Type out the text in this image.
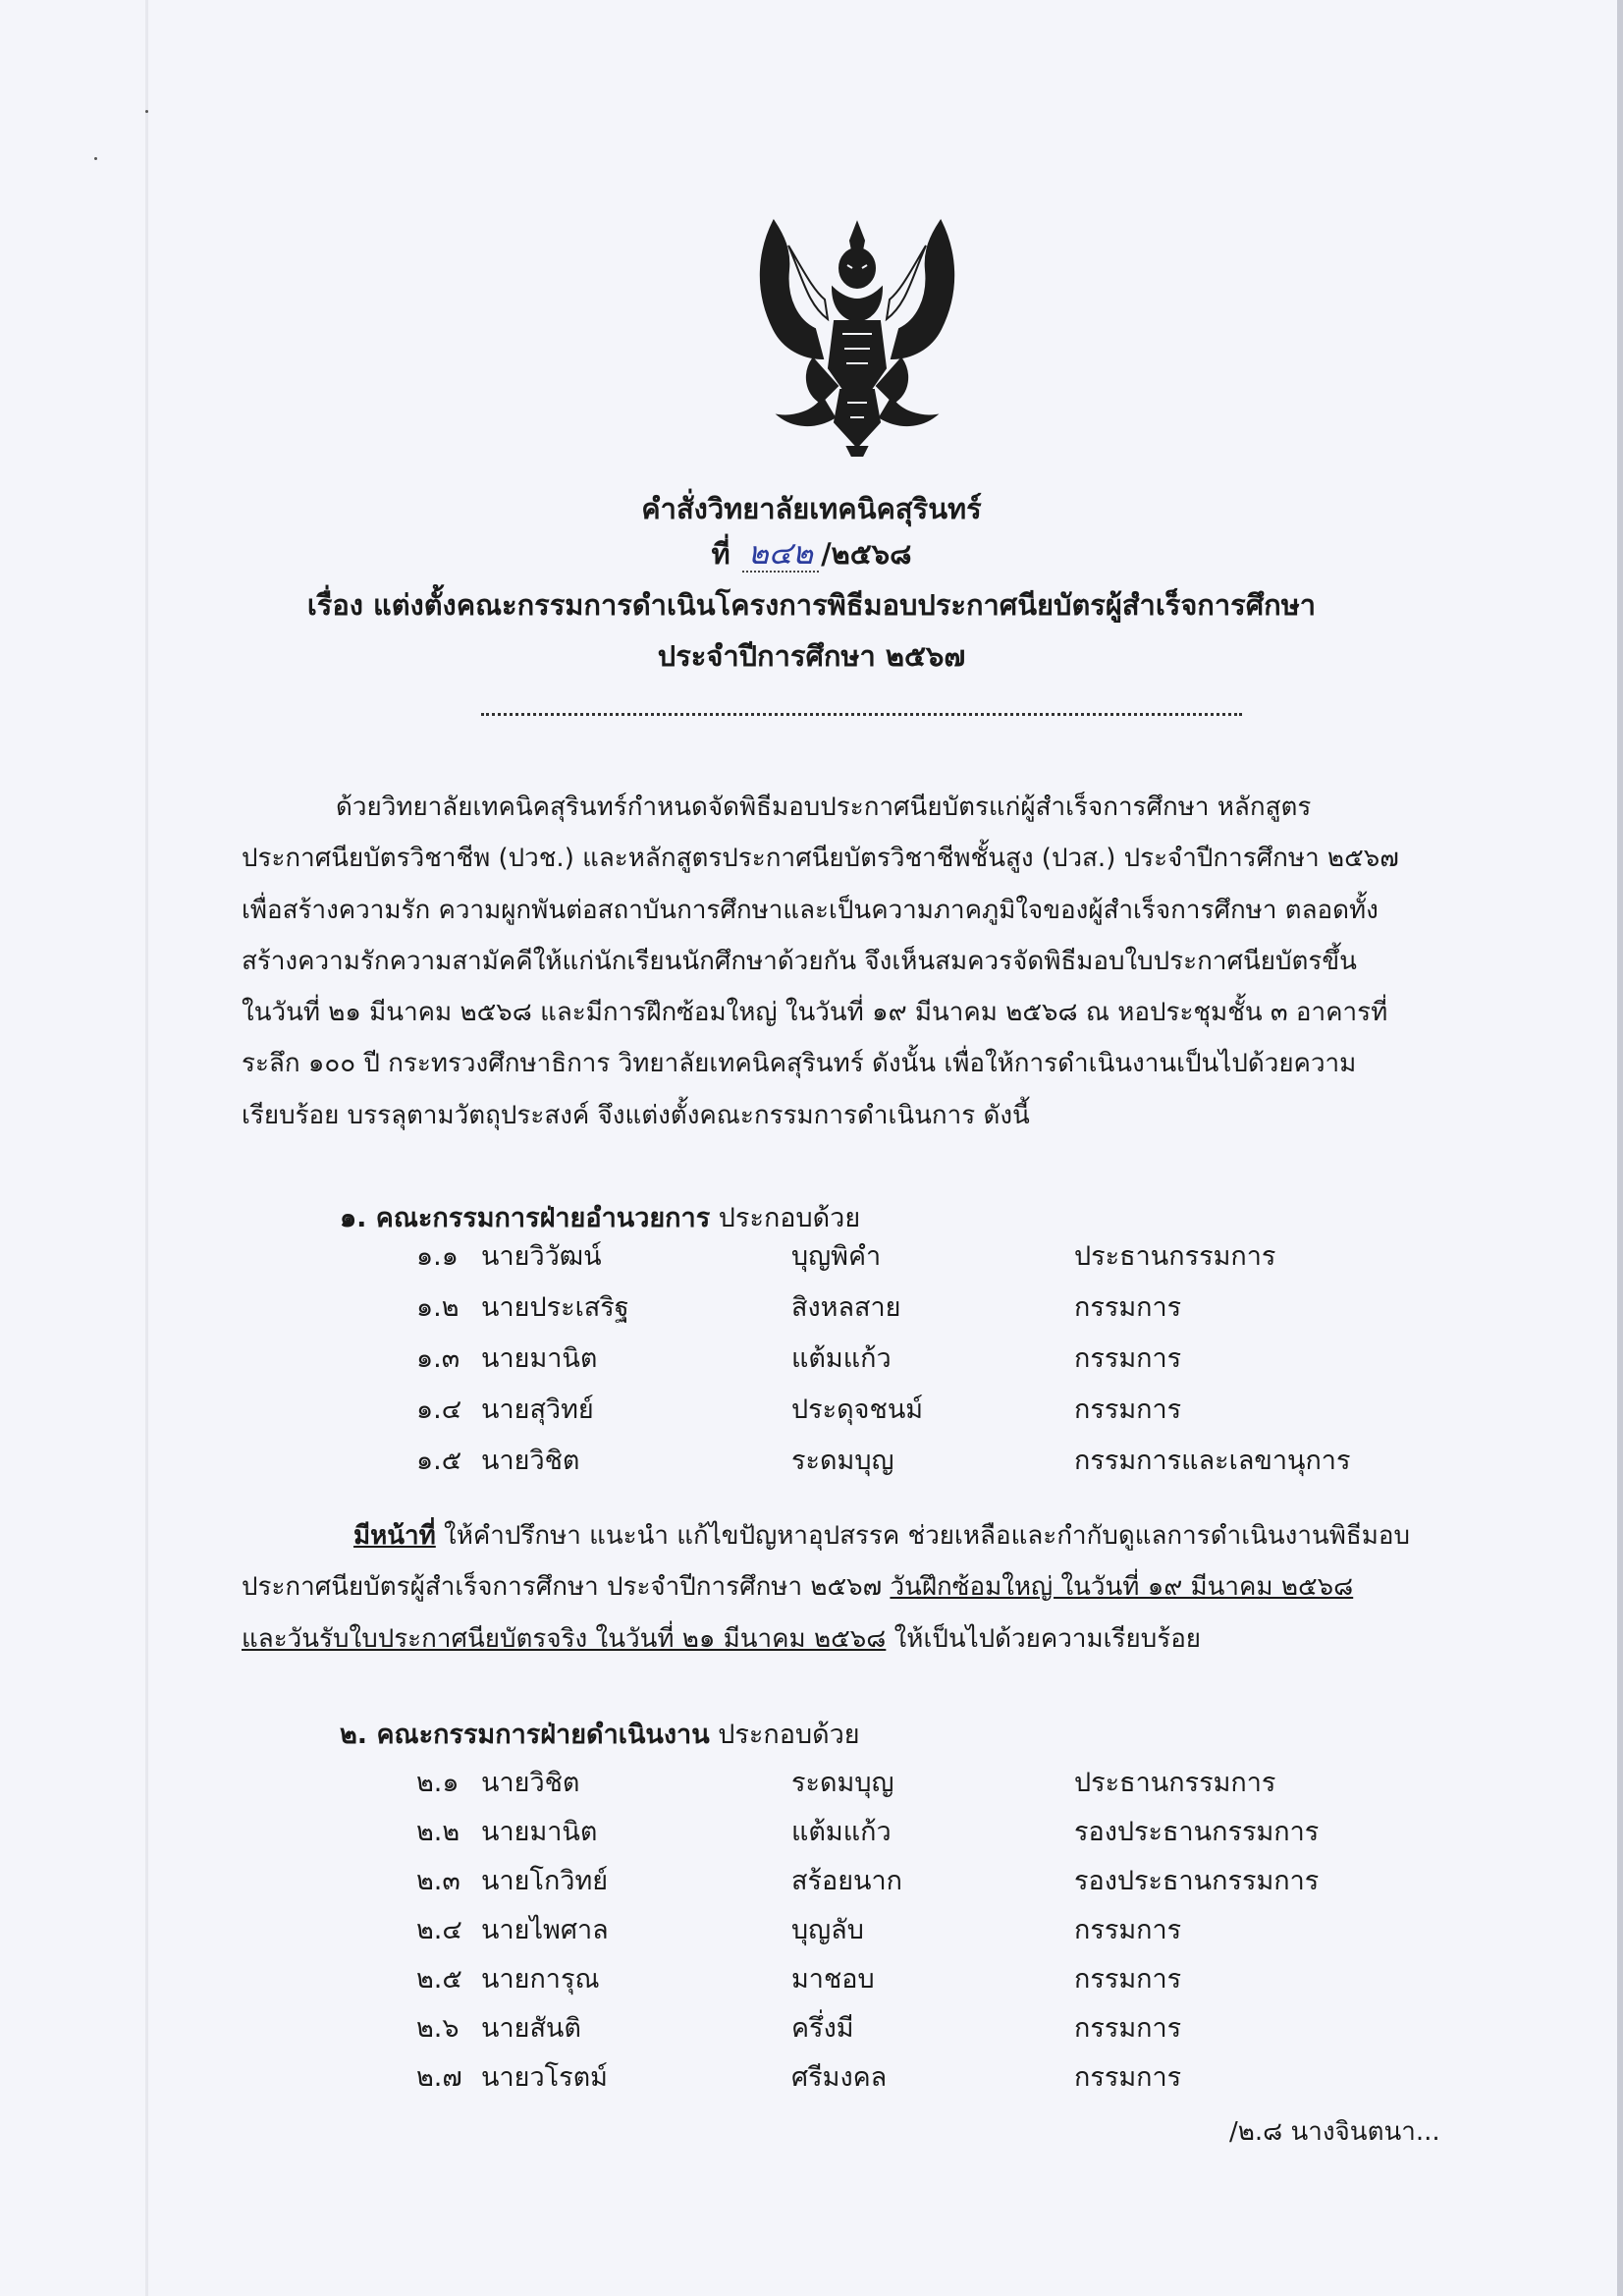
คำสั่งวิทยาลัยเทคนิคสุรินทร์
ที่ ๒๔๒ /๒๕๖๘
เรื่อง แต่งตั้งคณะกรรมการดำเนินโครงการพิธีมอบประกาศนียบัตรผู้สำเร็จการศึกษา
ประจำปีการศึกษา ๒๕๖๗
ด้วยวิทยาลัยเทคนิคสุรินทร์กำหนดจัดพิธีมอบประกาศนียบัตรแก่ผู้สำเร็จการศึกษา หลักสูตร
ประกาศนียบัตรวิชาชีพ (ปวช.) และหลักสูตรประกาศนียบัตรวิชาชีพชั้นสูง (ปวส.) ประจำปีการศึกษา ๒๕๖๗
เพื่อสร้างความรัก ความผูกพันต่อสถาบันการศึกษาและเป็นความภาคภูมิใจของผู้สำเร็จการศึกษา ตลอดทั้ง
สร้างความรักความสามัคคีให้แก่นักเรียนนักศึกษาด้วยกัน จึงเห็นสมควรจัดพิธีมอบใบประกาศนียบัตรขึ้น
ในวันที่ ๒๑ มีนาคม ๒๕๖๘ และมีการฝึกซ้อมใหญ่ ในวันที่ ๑๙ มีนาคม ๒๕๖๘ ณ หอประชุมชั้น ๓ อาคารที่
ระลึก ๑๐๐ ปี กระทรวงศึกษาธิการ วิทยาลัยเทคนิคสุรินทร์ ดังนั้น เพื่อให้การดำเนินงานเป็นไปด้วยความ
เรียบร้อย บรรลุตามวัตถุประสงค์ จึงแต่งตั้งคณะกรรมการดำเนินการ ดังนี้
๑. คณะกรรมการฝ่ายอำนวยการ ประกอบด้วย
๑.๑ นายวิวัฒน์	บุญพิคำ	ประธานกรรมการ
๑.๒ นายประเสริฐ	สิงหลสาย	กรรมการ
๑.๓ นายมานิต	แต้มแก้ว	กรรมการ
๑.๔ นายสุวิทย์	ประดุจชนม์	กรรมการ
๑.๕ นายวิชิต	ระดมบุญ	กรรมการและเลขานุการ
มีหน้าที่ ให้คำปรึกษา แนะนำ แก้ไขปัญหาอุปสรรค ช่วยเหลือและกำกับดูแลการดำเนินงานพิธีมอบ
ประกาศนียบัตรผู้สำเร็จการศึกษา ประจำปีการศึกษา ๒๕๖๗ วันฝึกซ้อมใหญ่ ในวันที่ ๑๙ มีนาคม ๒๕๖๘
และวันรับใบประกาศนียบัตรจริง ในวันที่ ๒๑ มีนาคม ๒๕๖๘ ให้เป็นไปด้วยความเรียบร้อย
๒. คณะกรรมการฝ่ายดำเนินงาน ประกอบด้วย
๒.๑ นายวิชิต	ระดมบุญ	ประธานกรรมการ
๒.๒ นายมานิต	แต้มแก้ว	รองประธานกรรมการ
๒.๓ นายโกวิทย์	สร้อยนาก	รองประธานกรรมการ
๒.๔ นายไพศาล	บุญลับ	กรรมการ
๒.๕ นายการุณ	มาชอบ	กรรมการ
๒.๖ นายสันติ	ครึ่งมี	กรรมการ
๒.๗ นายวโรตม์	ศรีมงคล	กรรมการ
/๒.๘ นางจินตนา...
